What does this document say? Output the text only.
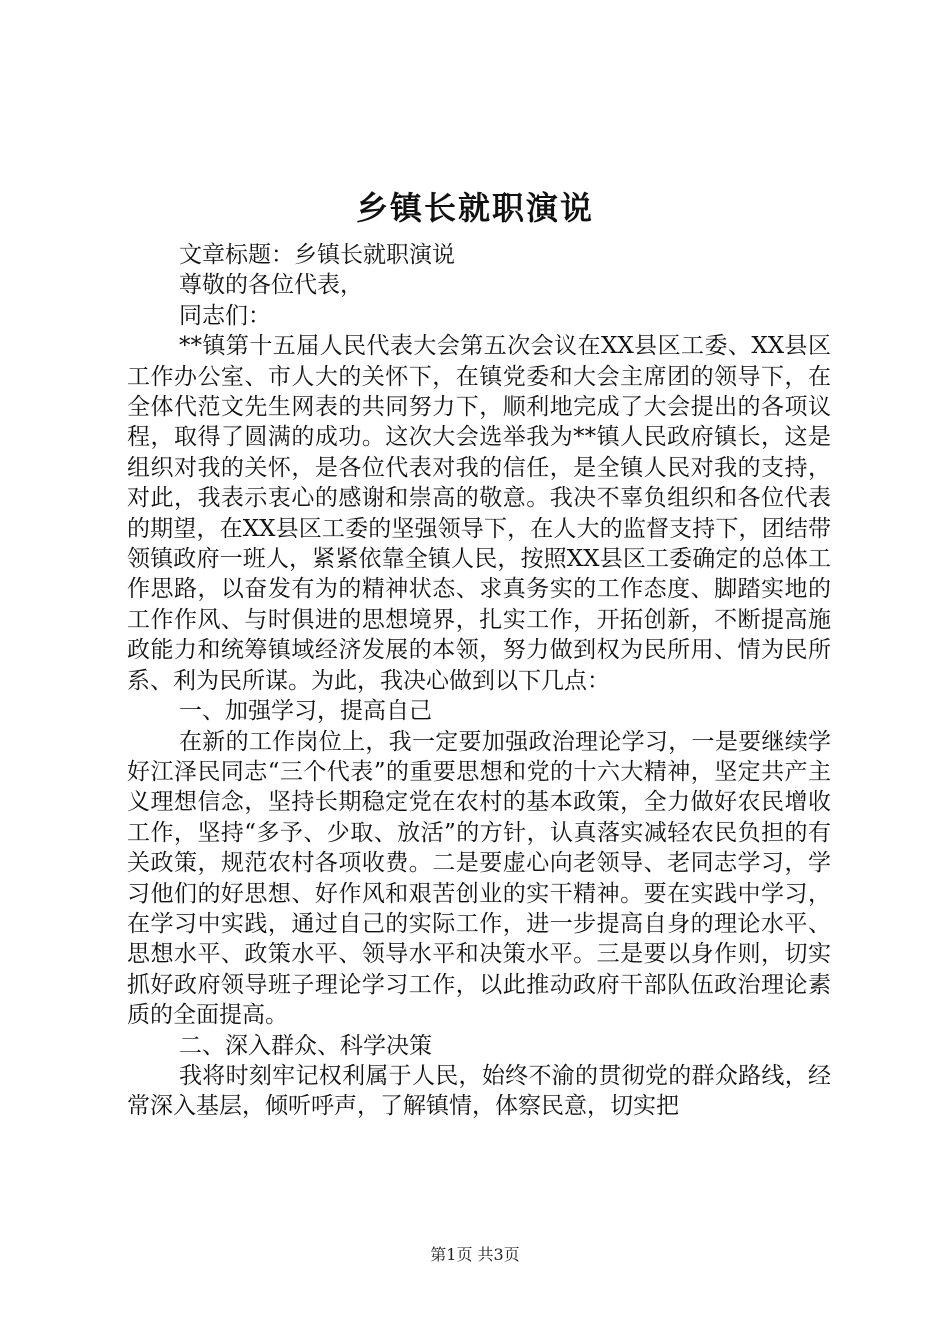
乡镇长就职演说

文章标题：乡镇长就职演说

尊敬的各位代表，

同志们：

**镇第十五届人民代表大会第五次会议在XX县区工委、XX县区工作办公室、市人大的关怀下，在镇党委和大会主席团的领导下，在全体代范文先生网表的共同努力下，顺利地完成了大会提出的各项议程，取得了圆满的成功。这次大会选举我为**镇人民政府镇长，这是组织对我的关怀，是各位代表对我的信任，是全镇人民对我的支持，对此，我表示衷心的感谢和崇高的敬意。我决不辜负组织和各位代表的期望，在XX县区工委的坚强领导下，在人大的监督支持下，团结带领镇政府一班人，紧紧依靠全镇人民，按照XX县区工委确定的总体工作思路，以奋发有为的精神状态、求真务实的工作态度、脚踏实地的工作作风、与时俱进的思想境界，扎实工作，开拓创新，不断提高施政能力和统筹镇域经济发展的本领，努力做到权为民所用、情为民所系、利为民所谋。为此，我决心做到以下几点：

一、加强学习，提高自己

在新的工作岗位上，我一定要加强政治理论学习，一是要继续学好江泽民同志“三个代表”的重要思想和党的十六大精神，坚定共产主义理想信念，坚持长期稳定党在农村的基本政策，全力做好农民增收工作，坚持“多予、少取、放活”的方针，认真落实减轻农民负担的有关政策，规范农村各项收费。二是要虚心向老领导、老同志学习，学习他们的好思想、好作风和艰苦创业的实干精神。要在实践中学习，在学习中实践，通过自己的实际工作，进一步提高自身的理论水平、思想水平、政策水平、领导水平和决策水平。三是要以身作则，切实抓好政府领导班子理论学习工作，以此推动政府干部队伍政治理论素质的全面提高。

二、深入群众、科学决策

我将时刻牢记权利属于人民，始终不渝的贯彻党的群众路线，经常深入基层，倾听呼声，了解镇情，体察民意，切实把

第1页 共3页
